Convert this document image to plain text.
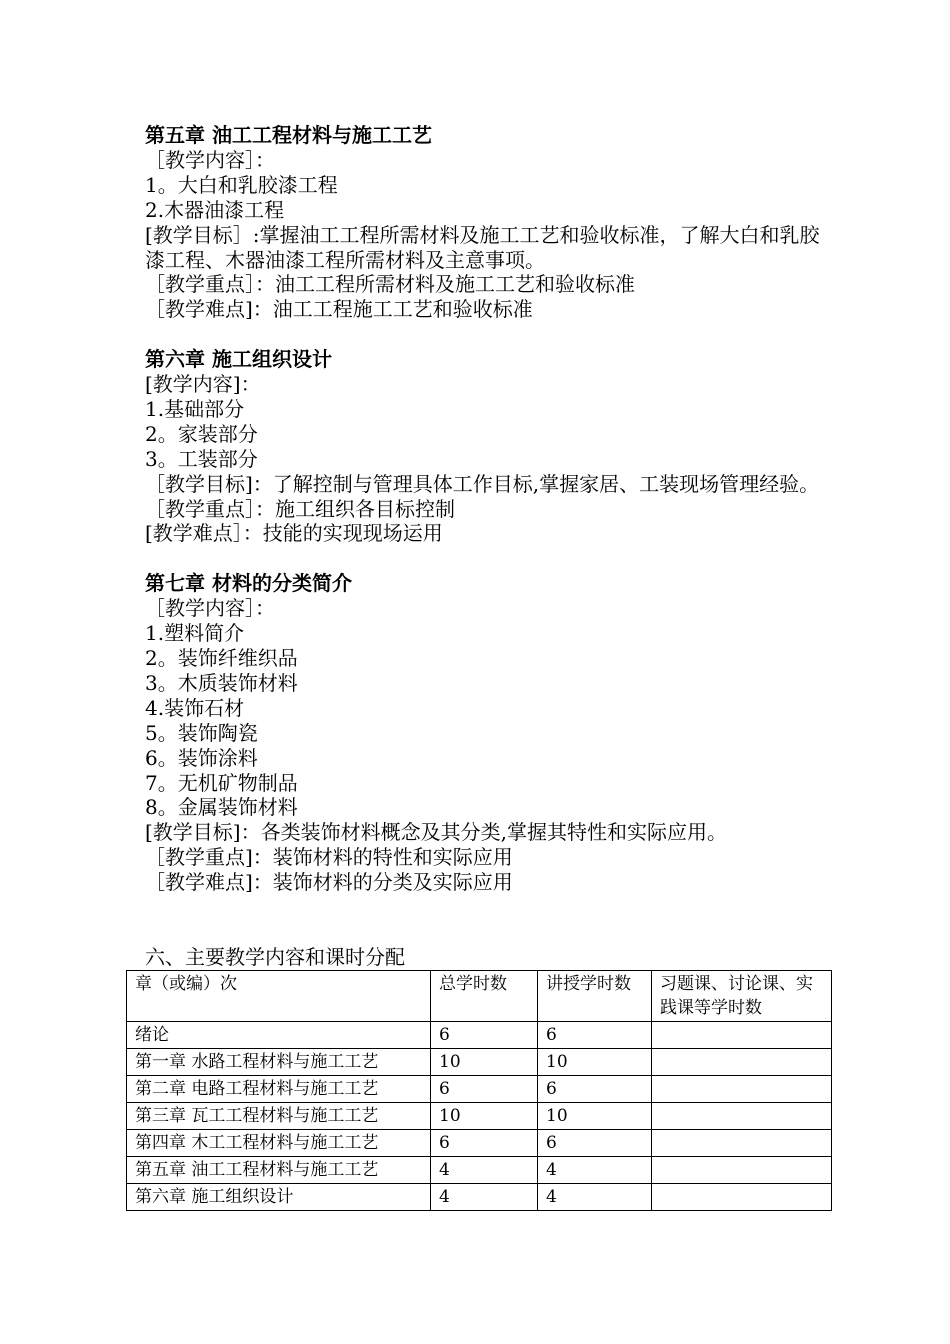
第五章 油工工程材料与施工工艺
［教学内容］：
1。大白和乳胶漆工程
2.木器油漆工程
[教学目标］:掌握油工工程所需材料及施工工艺和验收标准，了解大白和乳胶漆工程、木器油漆工程所需材料及主意事项。
［教学重点］：油工工程所需材料及施工工艺和验收标准
［教学难点]：油工工程施工工艺和验收标准
第六章 施工组织设计
[教学内容]：
1.基础部分
2。家装部分
3。工装部分
［教学目标]：了解控制与管理具体工作目标,掌握家居、工装现场管理经验。
［教学重点］：施工组织各目标控制
[教学难点］：技能的实现现场运用
第七章 材料的分类简介
［教学内容］：
1.塑料简介
2。装饰纤维织品
3。木质装饰材料
4.装饰石材
5。装饰陶瓷
6。装饰涂料
7。无机矿物制品
8。金属装饰材料
[教学目标]：各类装饰材料概念及其分类,掌握其特性和实际应用。
［教学重点]：装饰材料的特性和实际应用
［教学难点]：装饰材料的分类及实际应用
六、主要教学内容和课时分配
章（或编）次	总学时数	讲授学时数	习题课、讨论课、实践课等学时数
绪论	6	6	
第一章 水路工程材料与施工工艺	10	10	
第二章 电路工程材料与施工工艺	6	6	
第三章 瓦工工程材料与施工工艺	10	10	
第四章 木工工程材料与施工工艺	6	6	
第五章 油工工程材料与施工工艺	4	4	
第六章 施工组织设计	4	4	
